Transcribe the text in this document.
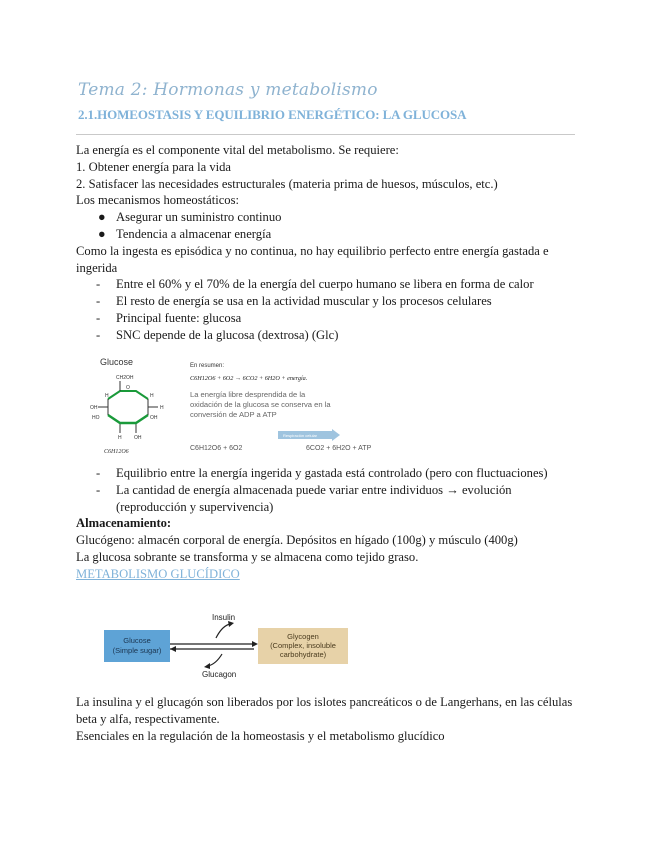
Tema 2: Hormonas y metabolismo
2.1.HOMEOSTASIS Y EQUILIBRIO ENERGÉTICO: LA GLUCOSA

La energía es el componente vital del metabolismo. Se requiere:

1. Obtener energía para la vida

2. Satisfacer las necesidades estructurales (materia prima de huesos, músculos, etc.)

Los mecanismos homeostáticos:

● Asegurar un suministro continuo
● Tendencia a almacenar energía

Como la ingesta es episódica y no continua, no hay equilibrio perfecto entre energía gastada e ingerida

- Entre el 60% y el 70% de la energía del cuerpo humano se libera en forma de calor
- El resto de energía se usa en la actividad muscular y los procesos celulares
- Principal fuente: glucosa
- SNC depende de la glucosa (dextrosa) (Glc)
Glucose
CH2OH
H
O
H
OH	H
HO	OH
H OH
C6H12O6
En resumen:
C6H12O6 + 6O2 → 6CO2 + 6H2O + energía.
La energía libre desprendida de la
oxidación de la glucosa se conserva en la
conversión de ADP a ATP
Respiración celular
C6H12O6 + 6O2	6CO2 + 6H2O + ATP
- Equilibrio entre la energía ingerida y gastada está controlado (pero con fluctuaciones)
- La cantidad de energía almacenada puede variar entre individuos → evolución (reproducción y supervivencia)

Almacenamiento:

Glucógeno: almacén corporal de energía. Depósitos en hígado (100g) y músculo (400g)

La glucosa sobrante se transforma y se almacena como tejido graso.

METABOLISMO GLUCÍDICO

Glucose
(Simple sugar)
Glycogen
(Complex, insoluble
carbohydrate)
Insulin
Glucagon

La insulina y el glucagón son liberados por los islotes pancreáticos o de Langerhans, en las células beta y alfa, respectivamente.

Esenciales en la regulación de la homeostasis y el metabolismo glucídico
